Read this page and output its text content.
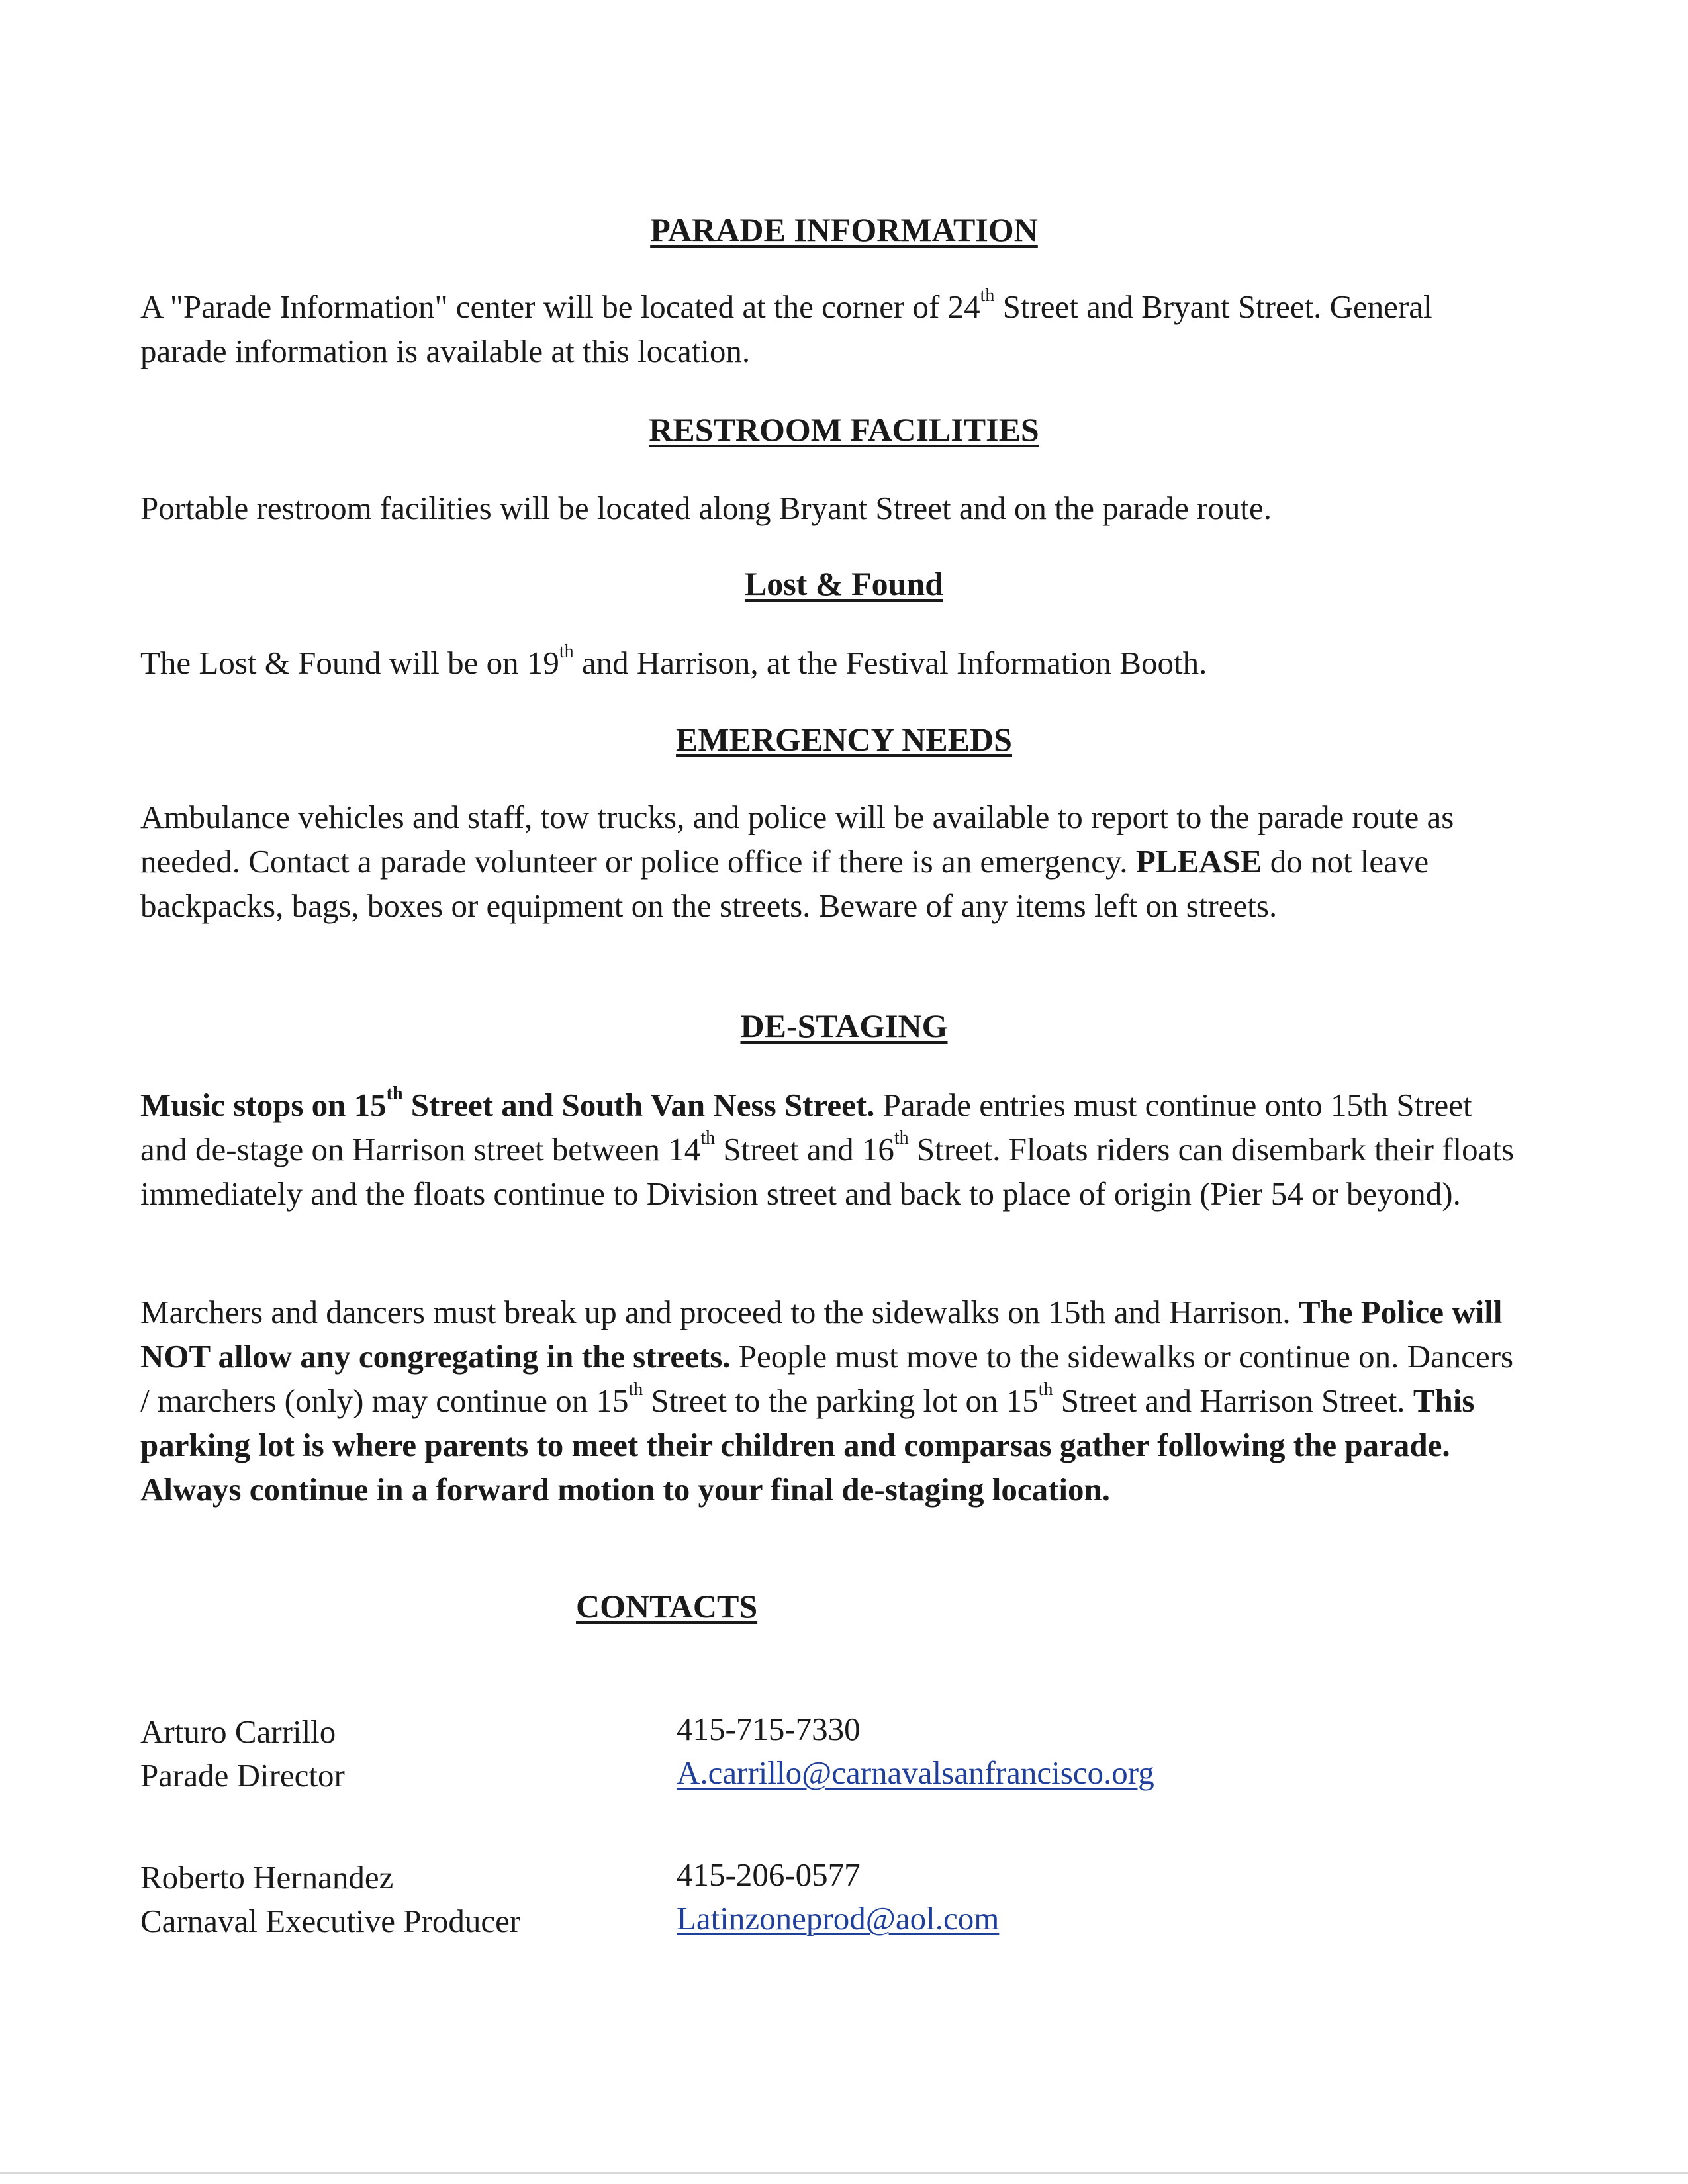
PARADE INFORMATION

A "Parade Information" center will be located at the corner of 24th Street and Bryant Street. General parade information is available at this location.

RESTROOM FACILITIES

Portable restroom facilities will be located along Bryant Street and on the parade route.

Lost & Found

The Lost & Found will be on 19th and Harrison, at the Festival Information Booth.

EMERGENCY NEEDS

Ambulance vehicles and staff, tow trucks, and police will be available to report to the parade route as needed. Contact a parade volunteer or police office if there is an emergency. PLEASE do not leave backpacks, bags, boxes or equipment on the streets. Beware of any items left on streets.

DE-STAGING

Music stops on 15th Street and South Van Ness Street. Parade entries must continue onto 15th Street and de-stage on Harrison street between 14th Street and 16th Street. Floats riders can disembark their floats immediately and the floats continue to Division street and back to place of origin (Pier 54 or beyond).

Marchers and dancers must break up and proceed to the sidewalks on 15th and Harrison. The Police will NOT allow any congregating in the streets. People must move to the sidewalks or continue on. Dancers / marchers (only) may continue on 15th Street to the parking lot on 15th Street and Harrison Street. This parking lot is where parents to meet their children and comparsas gather following the parade. Always continue in a forward motion to your final de-staging location.

CONTACTS
Arturo Carrillo
Parade Director
415-715-7330
A.carrillo@carnavalsanfrancisco.org
Roberto Hernandez
Carnaval Executive Producer
415-206-0577
Latinzoneprod@aol.com
